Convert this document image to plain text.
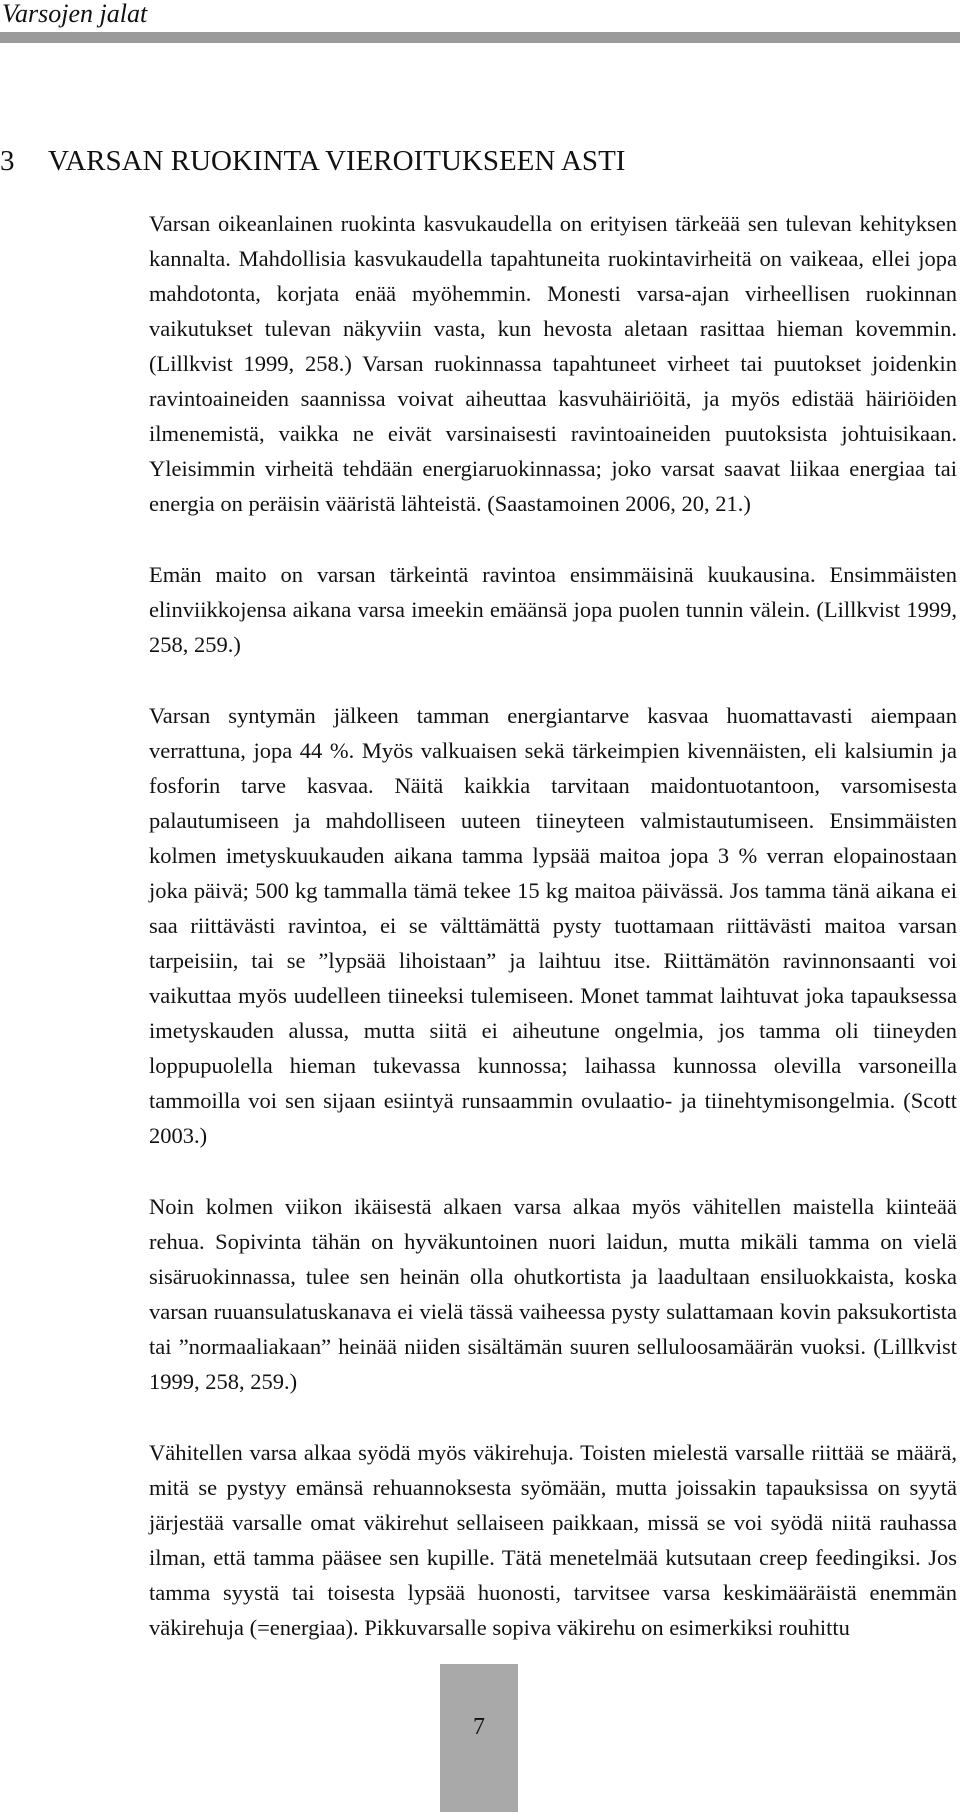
Varsojen jalat
3 VARSAN RUOKINTA VIEROITUKSEEN ASTI

Varsan oikeanlainen ruokinta kasvukaudella on erityisen tärkeää sen tulevan kehityksen kannalta. Mahdollisia kasvukaudella tapahtuneita ruokintavirheitä on vaikeaa, ellei jopa mahdotonta, korjata enää myöhemmin. Monesti varsa-ajan virheellisen ruokinnan vaikutukset tulevan näkyviin vasta, kun hevosta aletaan rasittaa hieman kovemmin. (Lillkvist 1999, 258.) Varsan ruokinnassa tapahtuneet virheet tai puutokset joidenkin ravintoaineiden saannissa voivat aiheuttaa kasvuhäiriöitä, ja myös edistää häiriöiden ilmenemistä, vaikka ne eivät varsinaisesti ravintoaineiden puutoksista johtuisikaan. Yleisimmin virheitä tehdään energiaruokinnassa; joko varsat saavat liikaa energiaa tai energia on peräisin vääristä lähteistä. (Saastamoinen 2006, 20, 21.)

Emän maito on varsan tärkeintä ravintoa ensimmäisinä kuukausina. Ensimmäisten elinviikkojensa aikana varsa imeekin emäänsä jopa puolen tunnin välein. (Lillkvist 1999, 258, 259.)

Varsan syntymän jälkeen tamman energiantarve kasvaa huomattavasti aiempaan verrattuna, jopa 44 %. Myös valkuaisen sekä tärkeimpien kivennäisten, eli kalsiumin ja fosforin tarve kasvaa. Näitä kaikkia tarvitaan maidontuotantoon, varsomisesta palautumiseen ja mahdolliseen uuteen tiineyteen valmistautumiseen. Ensimmäisten kolmen imetyskuukauden aikana tamma lypsää maitoa jopa 3 % verran elopainostaan joka päivä; 500 kg tammalla tämä tekee 15 kg maitoa päivässä. Jos tamma tänä aikana ei saa riittävästi ravintoa, ei se välttämättä pysty tuottamaan riittävästi maitoa varsan tarpeisiin, tai se ”lypsää lihoistaan” ja laihtuu itse. Riittämätön ravinnonsaanti voi vaikuttaa myös uudelleen tiineeksi tulemiseen. Monet tammat laihtuvat joka tapauksessa imetyskauden alussa, mutta siitä ei aiheutune ongelmia, jos tamma oli tiineyden loppupuolella hieman tukevassa kunnossa; laihassa kunnossa olevilla varsoneilla tammoilla voi sen sijaan esiintyä runsaammin ovulaatio- ja tiinehtymisongelmia. (Scott 2003.)

Noin kolmen viikon ikäisestä alkaen varsa alkaa myös vähitellen maistella kiinteää rehua. Sopivinta tähän on hyväkuntoinen nuori laidun, mutta mikäli tamma on vielä sisäruokinnassa, tulee sen heinän olla ohutkortista ja laadultaan ensiluokkaista, koska varsan ruuansulatuskanava ei vielä tässä vaiheessa pysty sulattamaan kovin paksukortista tai ”normaaliakaan” heinää niiden sisältämän suuren selluloosamäärän vuoksi. (Lillkvist 1999, 258, 259.)

Vähitellen varsa alkaa syödä myös väkirehuja. Toisten mielestä varsalle riittää se määrä, mitä se pystyy emänsä rehuannoksesta syömään, mutta joissakin tapauksissa on syytä järjestää varsalle omat väkirehut sellaiseen paikkaan, missä se voi syödä niitä rauhassa ilman, että tamma pääsee sen kupille. Tätä menetelmää kutsutaan creep feedingiksi. Jos tamma syystä tai toisesta lypsää huonosti, tarvitsee varsa keskimääräistä enemmän väkirehuja (=energiaa). Pikkuvarsalle sopiva väkirehu on esimerkiksi rouhittu

7
